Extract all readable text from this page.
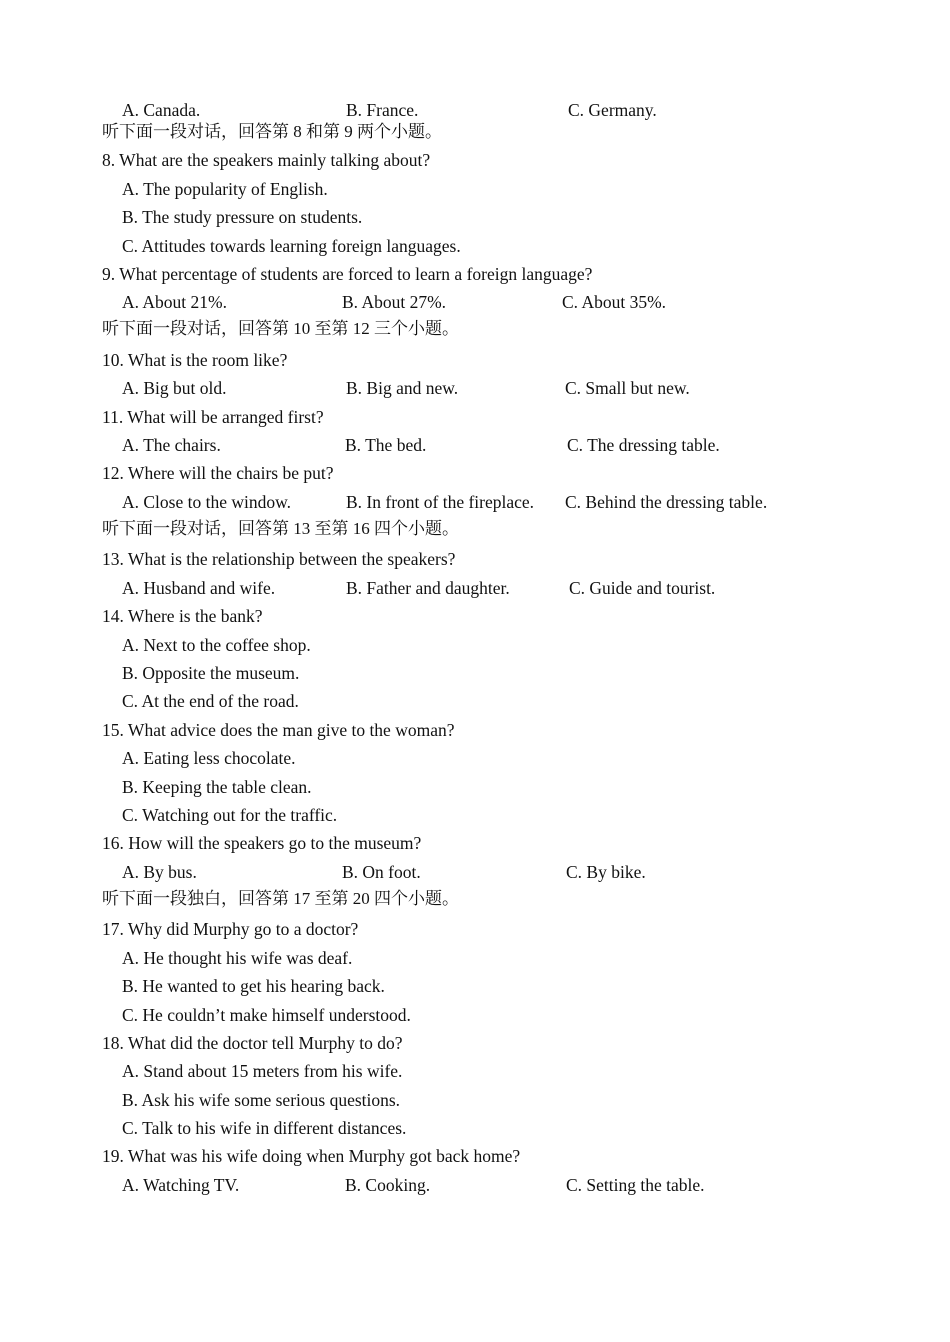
A. Canada.	B. France.	C. Germany.
听下面一段对话，回答第 8 和第 9 两个小题。
8. What are the speakers mainly talking about?
A. The popularity of English.
B. The study pressure on students.
C. Attitudes towards learning foreign languages.
9. What percentage of students are forced to learn a foreign language?
A. About 21%.	B. About 27%.	C. About 35%.
听下面一段对话，回答第 10 至第 12 三个小题。
10. What is the room like?
A. Big but old.	B. Big and new.	C. Small but new.
11. What will be arranged first?
A. The chairs.	B. The bed.	C. The dressing table.
12. Where will the chairs be put?
A. Close to the window.	B. In front of the fireplace. C. Behind the dressing table.
听下面一段对话，回答第 13 至第 16 四个小题。
13. What is the relationship between the speakers?
A. Husband and wife.	B. Father and daughter.	C. Guide and tourist.
14. Where is the bank?
A. Next to the coffee shop.
B. Opposite the museum.
C. At the end of the road.
15. What advice does the man give to the woman?
A. Eating less chocolate.
B. Keeping the table clean.
C. Watching out for the traffic.
16. How will the speakers go to the museum?
A. By bus.	B. On foot.	C. By bike.
听下面一段独白，回答第 17 至第 20 四个小题。
17. Why did Murphy go to a doctor?
A. He thought his wife was deaf.
B. He wanted to get his hearing back.
C. He couldn’t make himself understood.
18. What did the doctor tell Murphy to do?
A. Stand about 15 meters from his wife.
B. Ask his wife some serious questions.
C. Talk to his wife in different distances.
19. What was his wife doing when Murphy got back home?
A. Watching TV.	B. Cooking.	C. Setting the table.
